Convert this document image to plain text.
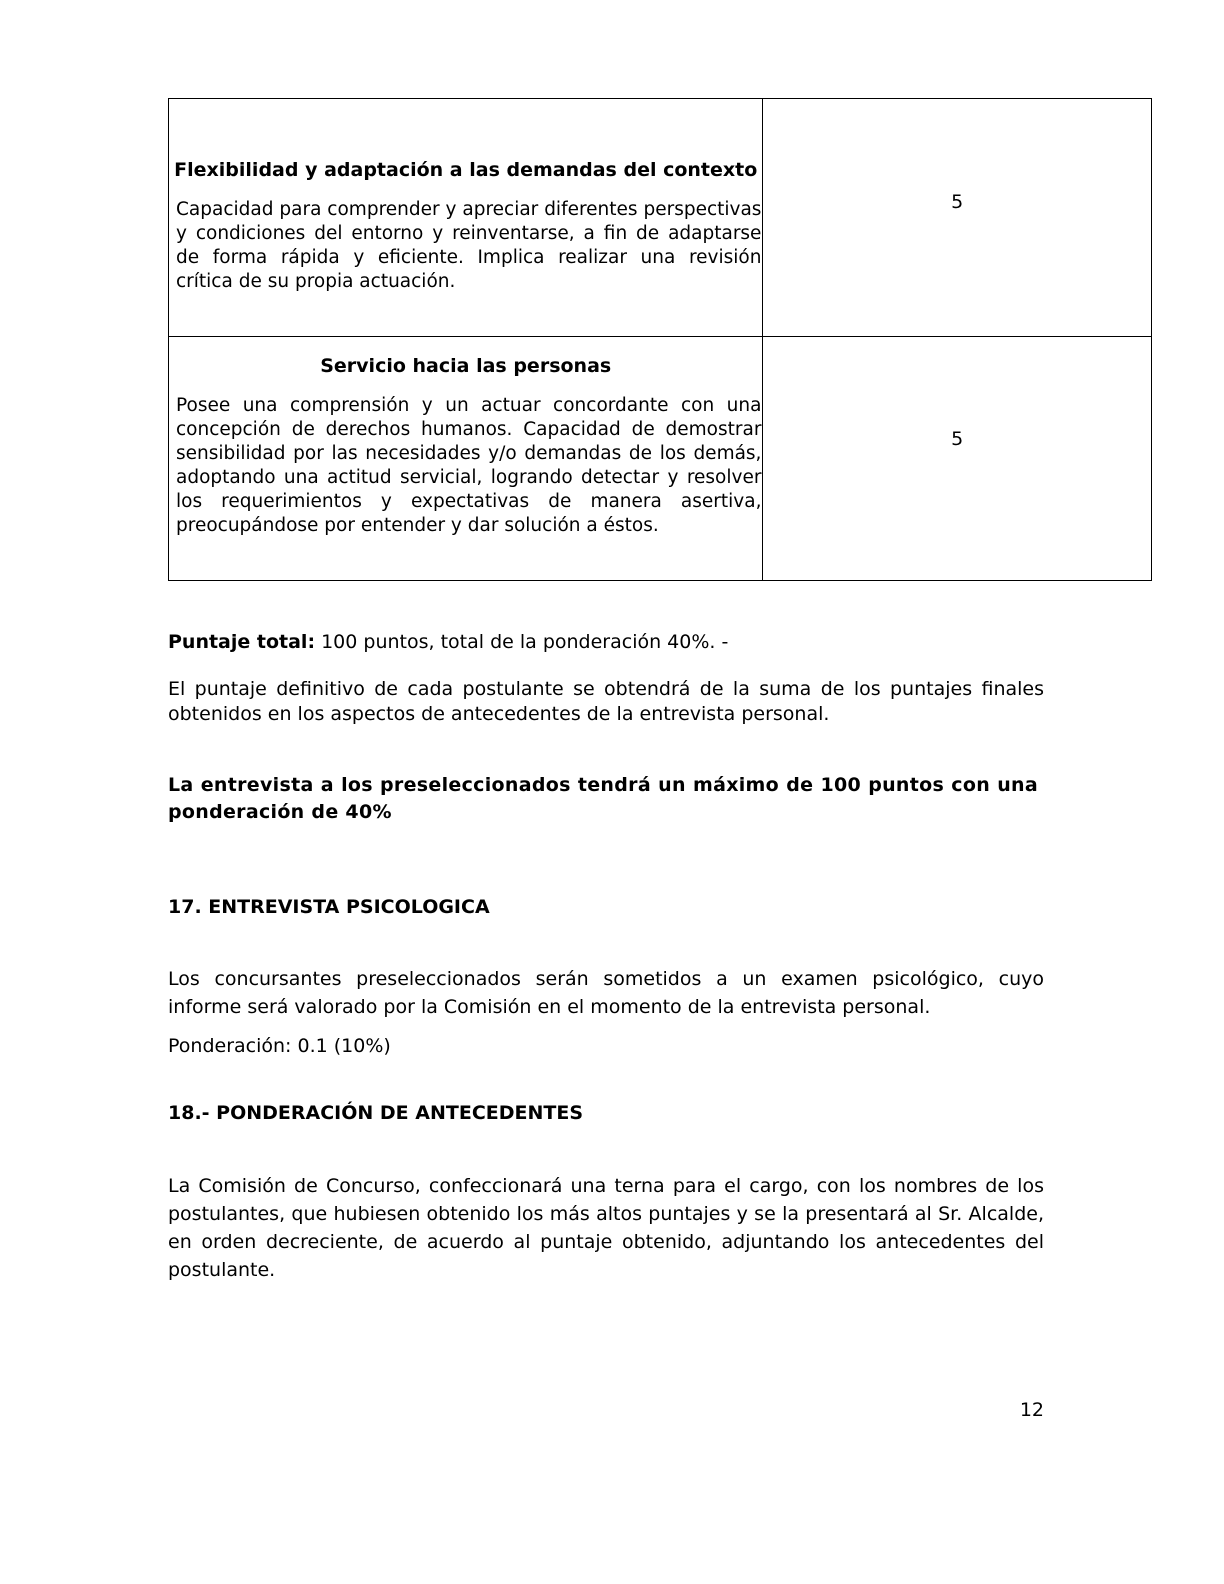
Flexibilidad y adaptación a las demandas del contexto

Capacidad para comprender y apreciar diferentes perspectivas y condiciones del entorno y reinventarse, a fin de adaptarse de forma rápida y eficiente. Implica realizar una revisión crítica de su propia actuación.	5

Servicio hacia las personas

Posee una comprensión y un actuar concordante con una concepción de derechos humanos. Capacidad de demostrar sensibilidad por las necesidades y/o demandas de los demás, adoptando una actitud servicial, logrando detectar y resolver los requerimientos y expectativas de manera asertiva, preocupándose por entender y dar solución a éstos.	5

Puntaje total: 100 puntos, total de la ponderación 40%. -

El puntaje definitivo de cada postulante se obtendrá de la suma de los puntajes finales obtenidos en los aspectos de antecedentes de la entrevista personal.

La entrevista a los preseleccionados tendrá un máximo de 100 puntos con una ponderación de 40%

17. ENTREVISTA PSICOLOGICA

Los concursantes preseleccionados serán sometidos a un examen psicológico, cuyo informe será valorado por la Comisión en el momento de la entrevista personal.

Ponderación: 0.1 (10%)

18.- PONDERACIÓN DE ANTECEDENTES

La Comisión de Concurso, confeccionará una terna para el cargo, con los nombres de los postulantes, que hubiesen obtenido los más altos puntajes y se la presentará al Sr. Alcalde, en orden decreciente, de acuerdo al puntaje obtenido, adjuntando los antecedentes del postulante.

12
